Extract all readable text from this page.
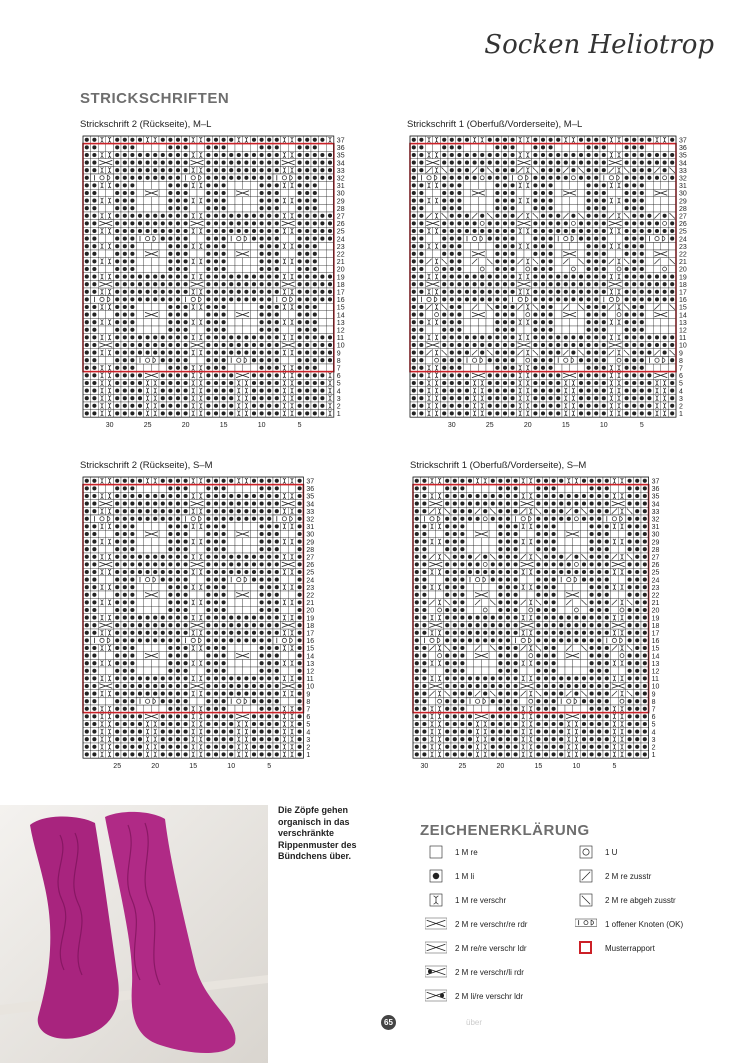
Socken Heliotrop
STRICKSCHRIFTEN
Strickschrift 2 (Rückseite), M–L
37
36
35
34
33
32
31
30
29
28
27
26
25
24
23
22
21
20
19
18
17
16
15
14
13
12
11
10
9
8
7
6
5
4
3
2
1
30	25	20	15	10	5
Strickschrift 1 (Oberfuß/Vorderseite), M–L
37
36
35
34
33
32
31
30
29
28
27
26
25
24
23
22
21
20
19
18
17
16
15
14
13
12
11
10
9
8
7
6
5
4
3
2
1
30	25	20	15	10	5
Strickschrift 2 (Rückseite), S–M
37
36
35
34
33
32
31
30
29
28
27
26
25
24
23
22
21
20
19
18
17
16
15
14
13
12
11
10
9
8
7
6
5
4
3
2
1
25	20	15	10	5
Strickschrift 1 (Oberfuß/Vorderseite), S–M
37
36
35
34
33
32
31
30
29
28
27
26
25
24
23
22
21
20
19
18
17
16
15
14
13
12
11
10
9
8
7
6
5
4
3
2
1
30	25	20	15	10	5
Die Zöpfe gehen organisch in das verschränkte Rippenmuster des Bündchens über.
ZEICHENERKLÄRUNG
1 M re
1 M li
1 M re verschr
2 M re verschr/re rdr
2 M re/re verschr ldr
2 M re verschr/li rdr
2 M li/re verschr ldr
1 U
2 M re zusstr
2 M re abgeh zusstr
1 offener Knoten (OK)
Musterrapport
65	über
